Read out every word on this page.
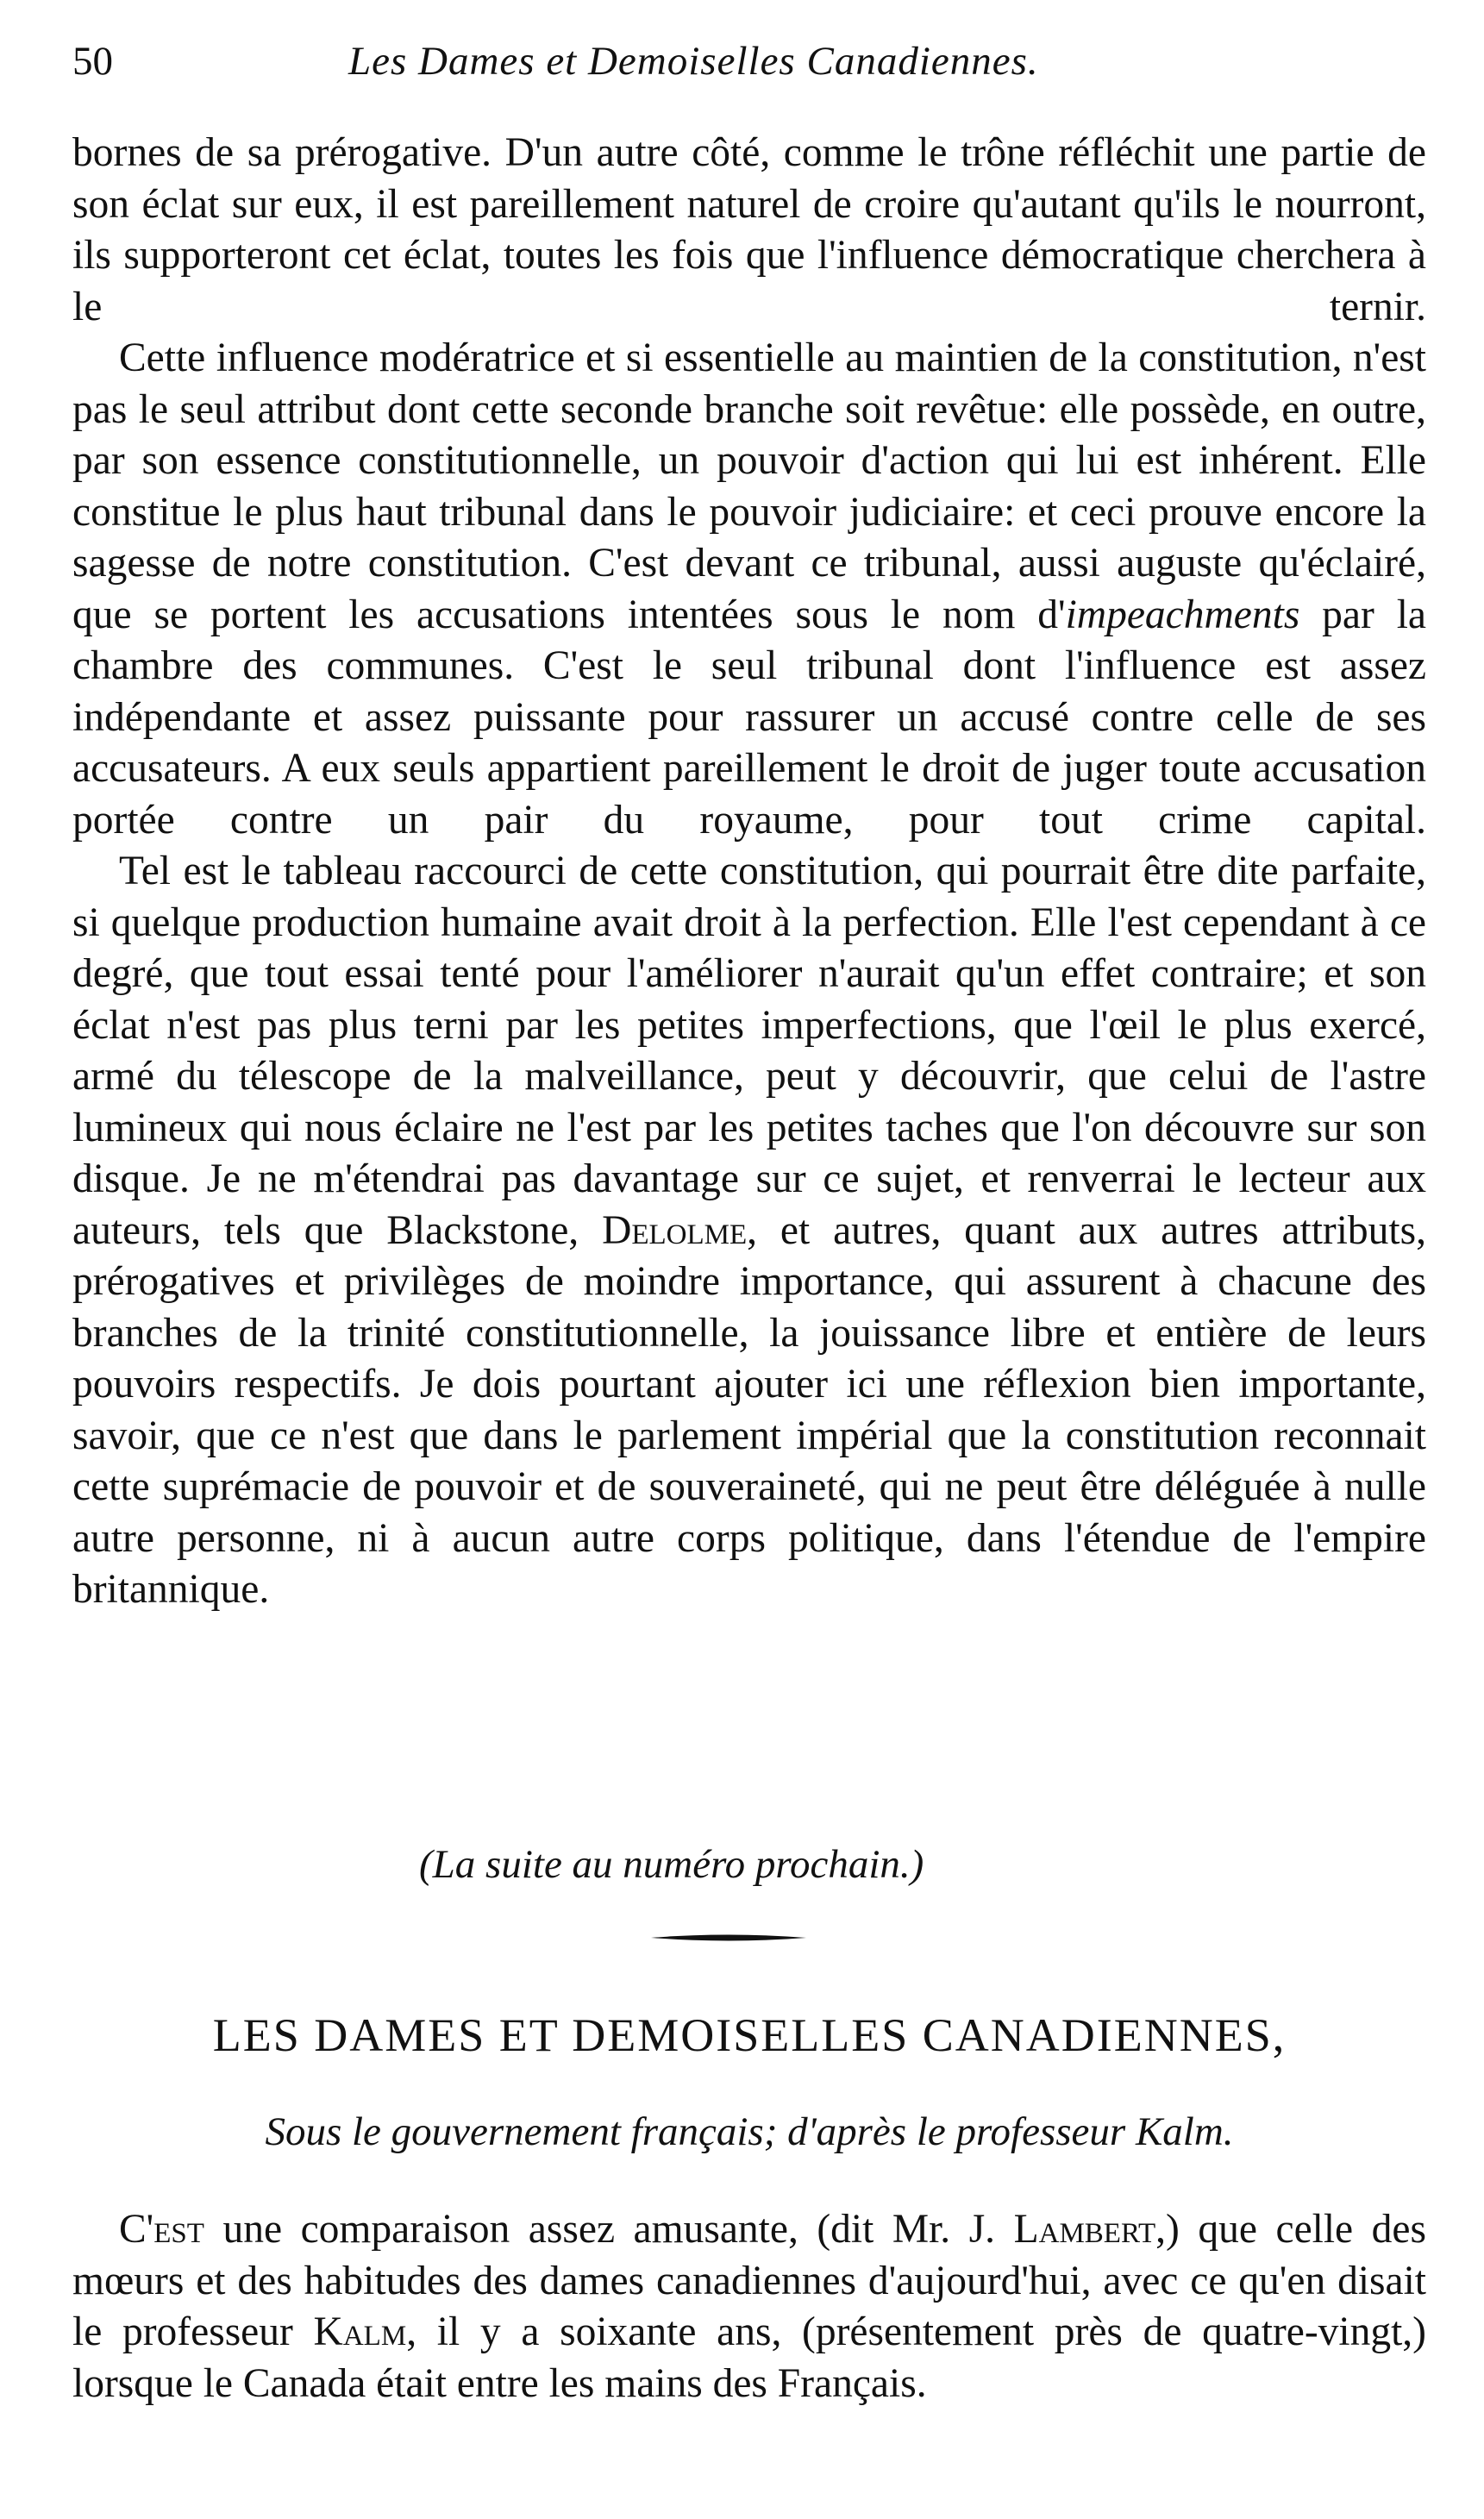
50	Les Dames et Demoiselles Canadiennes.

bornes de sa prérogative. D'un autre côté, comme le trône réfléchit une partie de son éclat sur eux, il est pareillement naturel de croire qu'autant qu'ils le nourront, ils supporteront cet éclat, toutes les fois que l'influence démocratique cherchera à le ternir.

Cette influence modératrice et si essentielle au maintien de la constitution, n'est pas le seul attribut dont cette seconde branche soit revêtue: elle possède, en outre, par son essence constitutionnelle, un pouvoir d'action qui lui est inhérent. Elle constitue le plus haut tribunal dans le pouvoir judiciaire: et ceci prouve encore la sagesse de notre constitution. C'est devant ce tribunal, aussi auguste qu'éclairé, que se portent les accusations intentées sous le nom d'impeachments par la chambre des communes. C'est le seul tribunal dont l'influence est assez indépendante et assez puissante pour rassurer un accusé contre celle de ses accusateurs. A eux seuls appartient pareillement le droit de juger toute accusation portée contre un pair du royaume, pour tout crime capital.

Tel est le tableau raccourci de cette constitution, qui pourrait être dite parfaite, si quelque production humaine avait droit à la perfection. Elle l'est cependant à ce degré, que tout essai tenté pour l'améliorer n'aurait qu'un effet contraire; et son éclat n'est pas plus terni par les petites imperfections, que l'œil le plus exercé, armé du télescope de la malveillance, peut y découvrir, que celui de l'astre lumineux qui nous éclaire ne l'est par les petites taches que l'on découvre sur son disque. Je ne m'étendrai pas davantage sur ce sujet, et renverrai le lecteur aux auteurs, tels que Blackstone, Delolme, et autres, quant aux autres attributs, prérogatives et privilèges de moindre importance, qui assurent à chacune des branches de la trinité constitutionnelle, la jouissance libre et entière de leurs pouvoirs respectifs. Je dois pourtant ajouter ici une réflexion bien importante, savoir, que ce n'est que dans le parlement impérial que la constitution reconnait cette suprémacie de pouvoir et de souveraineté, qui ne peut être déléguée à nulle autre personne, ni à aucun autre corps politique, dans l'étendue de l'empire britannique.

(La suite au numéro prochain.)
LES DAMES ET DEMOISELLES CANADIENNES,
Sous le gouvernement français; d'après le professeur Kalm.

C'est une comparaison assez amusante, (dit Mr. J. Lambert,) que celle des mœurs et des habitudes des dames canadiennes d'aujourd'hui, avec ce qu'en disait le professeur Kalm, il y a soixante ans, (présentement près de quatre-vingt,) lorsque le Canada était entre les mains des Français.
